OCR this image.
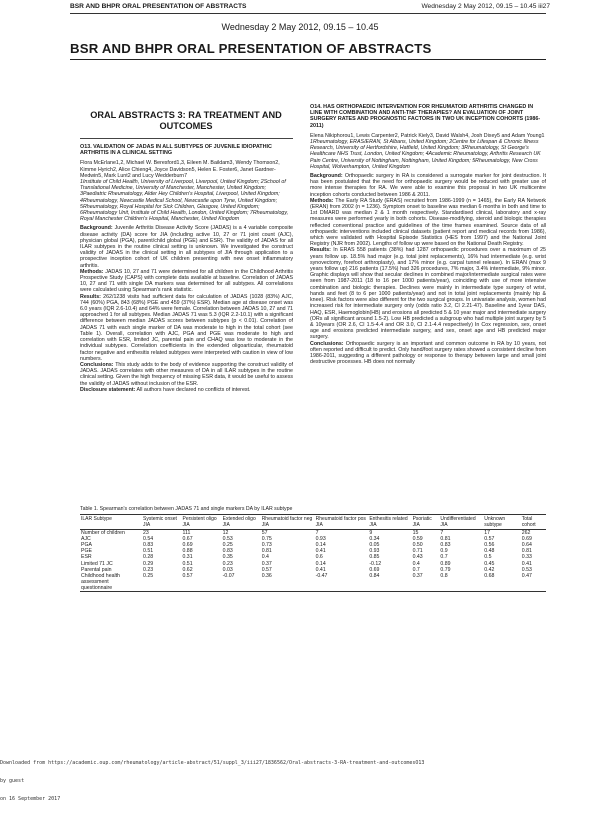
BSR AND BHPR ORAL PRESENTATION OF ABSTRACTS	Wednesday 2 May 2012, 09.15 – 10.45 iii27
Wednesday 2 May 2012, 09.15 – 10.45
BSR AND BHPR ORAL PRESENTATION OF ABSTRACTS
ORAL ABSTRACTS 3: RA TREATMENT AND OUTCOMES
O13. VALIDATION OF JADAS IN ALL SUBTYPES OF JUVENILE IDIOPATHIC ARTHRITIS IN A CLINICAL SETTING
Flora McErlane1,2, Michael W. Beresford1,3, Eileen M. Baildam3, Wendy Thomson2, Kimme Hyrich2, Alice Chieng4, Joyce Davidson5, Helen E. Foster6, Janet Gardner-Medwin5, Mark Lunt2 and Lucy Wedderburn7
1Institute of Child Health, University of Liverpool, Liverpool, United Kingdom; 2School of Translational Medicine, University of Manchester, Manchester, United Kingdom; 3Paediatric Rheumatology, Alder Hey Children's Hospital, Liverpool, United Kingdom; 4Rheumatology, Newcastle Medical School, Newcastle upon Tyne, United Kingdom; 5Rheumatology, Royal Hospital for Sick Children, Glasgow, United Kingdom; 6Rheumatology Unit, Institute of Child Health, London, United Kingdom; 7Rheumatology, Royal Manchester Children's Hospital, Manchester, United Kingdom

Background: Juvenile Arthritis Disease Activity Score (JADAS) is a 4 variable composite disease activity (DA) score for JIA (including active 10, 27 or 71 joint count (AJC), physician global (PGA), parent/child global (PGE) and ESR). The validity of JADAS for all ILAR subtypes in the routine clinical setting is unknown. We investigated the construct validity of JADAS in the clinical setting in all subtypes of JIA through application to a prospective inception cohort of UK children presenting with new onset inflammatory arthritis.

Methods: JADAS 10, 27 and 71 were determined for all children in the Childhood Arthritis Prospective Study (CAPS) with complete data available at baseline. Correlation of JADAS 10, 27 and 71 with single DA markers was determined for all subtypes. All correlations were calculated using Spearman's rank statistic.

Results: 262/1238 visits had sufficient data for calculation of JADAS (1028 (83%) AJC, 744 (60%) PGA, 843 (68%) PGE and 459 (37%) ESR). Median age at disease onset was 6.0 years (IQR 2.6-10.4) and 64% were female. Correlation between JADAS 10, 27 and 71 approached 1 for all subtypes. Median JADAS 71 was 5.3 (IQR 2.2-10.1) with a significant difference between median JADAS scores between subtypes (p < 0.01). Correlation of JADAS 71 with each single marker of DA was moderate to high in the total cohort (see Table 1). Overall, correlation with AJC, PGA and PGE was moderate to high and correlation with ESR, limited JC, parental pain and CHAQ was low to moderate in the individual subtypes. Correlation coefficients in the extended oligoarticular, rheumatoid factor negative and enthesitis related subtypes were interpreted with caution in view of low numbers.

Conclusions: This study adds to the body of evidence supporting the construct validity of JADAS. JADAS correlates with other measures of DA in all ILAR subtypes in the routine clinical setting. Given the high frequency of missing ESR data, it would be useful to assess the validity of JADAS without inclusion of the ESR.

Disclosure statement: All authors have declared no conflicts of interest.

O14. HAS ORTHOPAEDIC INTERVENTION FOR RHEUMATOID ARTHRITIS CHANGED IN LINE WITH COMBINATION AND ANTI-TNF THERAPIES? AN EVALUATION OF JOINT SURGERY RATES AND PROGNOSTIC FACTORS IN TWO UK INCEPTION COHORTS (1986-2011)
Elena Nikiphorou1, Lewis Carpenter2, Patrick Kiely3, David Walsh4, Josh Dixey5 and Adam Young1
1Rheumatology, ERAS/ERAN, St Albans, United Kingdom; 2Centre for Lifespan & Chronic Illness Research, University of Hertfordshire, Hatfield, United Kingdom; 3Rheumatology, St George's Healthcare NHS Trust, London, United Kingdom; 4Academic Rheumatology, Arthritis Research UK Pain Centre, University of Nottingham, Nottingham, United Kingdom; 5Rheumatology, New Cross Hospital, Wolverhampton, United Kingdom

Background: Orthopaedic surgery in RA is considered a surrogate marker for joint destruction. It has been postulated that the need for orthopaedic surgery would be reduced with greater use of more intense therapies for RA. We were able to examine this proposal in two UK multicentre inception cohorts conducted between 1986 & 2011.

Methods: The Early RA Study (ERAS) recruited from 1986-1999 (n = 1465), the Early RA Network (ERAN) from 2002 (n = 1236). Symptom onset to baseline was median 6 months in both and time to 1st DMARD was median 2 & 1 month respectively. Standardised clinical, laboratory and x-ray measures were performed yearly in both cohorts. Disease-modifying, steroid and biologic therapies reflected conventional practice and guidelines of the time frames examined. Source data of all orthopaedic interventions included clinical datasets (patient report and medical records from 1986), which were validated with Hospital Episode Statistics (HES from 1997) and the National Joint Registry (NJR from 2002). Lengths of follow up were based on the National Death Registry.

Results: In ERAS 558 patients (38%) had 1287 orthopaedic procedures over a maximum of 25 years follow up. 18.5% had major (e.g. total joint replacements), 16% had intermediate (e.g. wrist synovectomy, forefoot arthroplasty), and 17% minor (e.g. carpal tunnel release). In ERAN (max 9 years follow up) 216 patients (17.5%) had 326 procedures, 7% major, 3.4% intermediate, 9% minor. Graphic displays will show that secular declines in combined major/intermediate surgical rates were seen from 1987-2011 (18 to 16 per 1000 patients/year), coinciding with use of more intensive combination and biologic therapies. Declines were mainly in intermediate type surgery of wrist, hands and feet (8 to 6 per 1000 patients/year) and not in total joint replacements (mainly hip & knee). Risk factors were also different for the two surgical groups. In univariate analysis, women had increased risk for intermediate surgery only (odds ratio 3.2, CI 2.21-47). Baseline and 1year DAS, HAQ, ESR, Haemoglobin(HB) and erosions all predicted 5 & 10 year major and intermediate surgery (ORs all significant around 1.5-2). Low HB predicted a subgroup who had multiple joint surgery by 5 & 10years (OR 2.6, CI 1.5-4.4 and OR 3.0, CI 2.1-4.4 respectively) In Cox regression, sex, onset age and erosions predicted intermediate surgery, and sex, onset age and HB predicted major surgery.

Conclusions: Orthopaedic surgery is an important and common outcome in RA by 10 years, not often reported and difficult to predict. Only hand/foot surgery rates showed a consistent decline from 1986-2011, suggesting a different pathology or response to therapy between large and small joint destructive processes. HB does not normally

Table 1. Spearman's correlation between JADAS 71 and single markers DA by ILAR subtype
ILAR Subtype	Systemic onset JIA	Persistent oligo JIA	Extended oligo JIA	Rheumatoid factor neg JIA	Rheumatoid factor pos JIA	Enthesitis related JIA	Psoriatic JIA	Undifferentiated JIA	Unknown subtype	Total cohort
Number of children	23	111	12	57	7	9	15	7	17	262
AJC	0.54	0.67	0.53	0.75	0.93	0.34	0.59	0.81	0.57	0.69
PGA	0.83	0.69	0.25	0.73	0.14	0.05	0.50	0.83	0.56	0.64
PGE	0.51	0.88	0.83	0.81	0.41	0.93	0.71	0.9	0.48	0.81
ESR	0.28	0.31	0.35	0.4	0.6	0.85	0.43	0.7	0.5	0.33
Limited 71 JC	0.29	0.51	0.23	0.37	0.14	-0.12	0.4	0.89	0.45	0.41
Parental pain	0.23	0.62	0.03	0.57	0.41	0.69	0.7	0.79	0.42	0.53
Childhood health assessment questionnaire	0.25	0.57	-0.07	0.36	-0.47	0.84	0.37	0.8	0.68	0.47

Downloaded from https://academic.oup.com/rheumatology/article-abstract/51/suppl_3/iii27/1836562/Oral-abstracts-3-RA-treatment-and-outcomesO13

by guest

on 16 September 2017
